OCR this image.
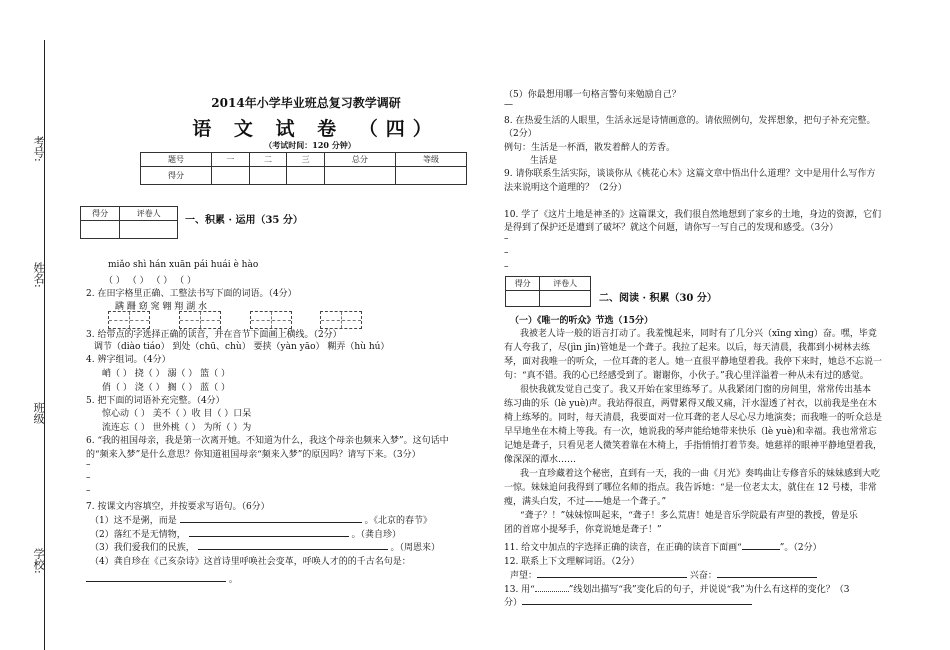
考号:
姓名:
班级
学校:
2014年小学毕业班总复习教学调研
语 文 试 卷 （四）
（考试时间：120 分钟）
题号	一	二	三	总分	等级
得分					
得分	评卷人

一、积累 · 运用（35 分）
miǎo shì hán xuān pái huái è hào
（ ） （ ） （ ） （ ）
2. 在田字格里正确、工整法书写下面的词语。（4分）
蹒 跚 窈 窕 翱 翔 湖 水
3. 给带点的字选择正确的读音，并在音节下面画上横线。（2分）
调节（diào tiáo） 到处（chū、chù） 要挟（yàn yāo） 糊弄（hù hú）
4. 辨字组词。（4分）
峭（ ） 挠（ ） 溺（ ） 篮（ ）
俏（ ） 浇（ ） 搁（ ） 蓝（ ）
5. 把下面的词语补充完整。（4分）
惊心动（ ） 美不（ ）收 目（ ）口呆
流连忘（ ） 世外桃（ ） 为所（ ）为
6. “我的祖国母亲，我是第一次离开她。不知道为什么，我这个母亲也频来入梦”。这句话中
的“频来入梦”是什么意思？你知道祖国母亲“频来入梦”的原因吗？请写下来。（3分）
–
–
–
7. 按课文内容填空，并按要求写语句。（6分）
（1）这不是粥，而是	。《北京的春节》
（2）落红不是无情物，	。（龚自珍）
（3）我们爱我们的民族，	。（周恩来）
（4）龚自珍在《己亥杂诗》这首诗里呼唤社会变革，呼唤人才的的千古名句是：
。
（5）你最想用哪一句格言警句来勉励自己？
—
8. 在热爱生活的人眼里，生活永远是诗情画意的。请依照例句，发挥想象，把句子补充完整。
（2分）
例句：生活是一杯酒，散发着醉人的芳香。
生活是
9. 请你联系生活实际，谈谈你从《桃花心木》这篇文章中悟出什么道理？文中是用什么写作方
法来说明这个道理的？（2分）
10. 学了《这片土地是神圣的》这篇课文，我们很自然地想到了家乡的土地，身边的资源，它们
是得到了保护还是遭到了破坏？就这个问题，请你写一写自己的发现和感受。（3分）
–
–
–
得分	评卷人

二、阅读 · 积累（30 分）
（一）《唯一的听众》节选（15分）
我被老人诗一般的语言打动了。我羞愧起来，同时有了几分兴（xīng xìng）奋。嘿，毕竟
有人夸我了，尽(jìn jǐn)管她是一个聋子。我拉了起来。以后，每天清晨，我都到小树林去练
琴，面对我唯一的听众，一位耳聋的老人。她一直很平静地望着我。我停下来时，她总不忘说一
句：“真不错。我的心已经感受到了。谢谢你，小伙子。”我心里洋溢着一种从未有过的感觉。
很快我就发觉自己变了。我又开始在家里练琴了。从我紧闭门窗的房间里，常常传出基本
练习曲的乐（lè yuè)声。我站得很直，两臂累得又酸又痛，汗水湿透了衬衣，以前我是坐在木
椅上练琴的。同时，每天清晨，我要面对一位耳聋的老人尽心尽力地演奏；而我唯一的听众总是
早早地坐在木椅上等我。有一次，她说我的琴声能给她带来快乐（lè yuè)和幸福。我也常常忘
记她是聋子，只看见老人微笑着靠在木椅上，手指悄悄打着节奏。她慈祥的眼神平静地望着我，
像深深的潭水……
我一直珍藏着这个秘密，直到有一天，我的一曲《月光》奏鸣曲让专修音乐的妹妹感到大吃
一惊。妹妹追问我得到了哪位名师的指点。我告诉她：“是一位老太太，就住在 12 号楼，非常
瘦，满头白发，不过——她是一个聋子。”
“聋子？！”妹妹惊叫起来，“聋子！多么荒唐！她是音乐学院最有声望的教授，曾是乐
团的首席小提琴手，你竟说她是聋子！”
11. 给文中加点的字选择正确的读音，在正确的读音下面画“	”。（2分）
12. 联系上下文理解词语。（2分）
声望：	兴奋：
13. 用“	”线划出描写“我”变化后的句子，并说说“我”为什么有这样的变化？（3
分）
